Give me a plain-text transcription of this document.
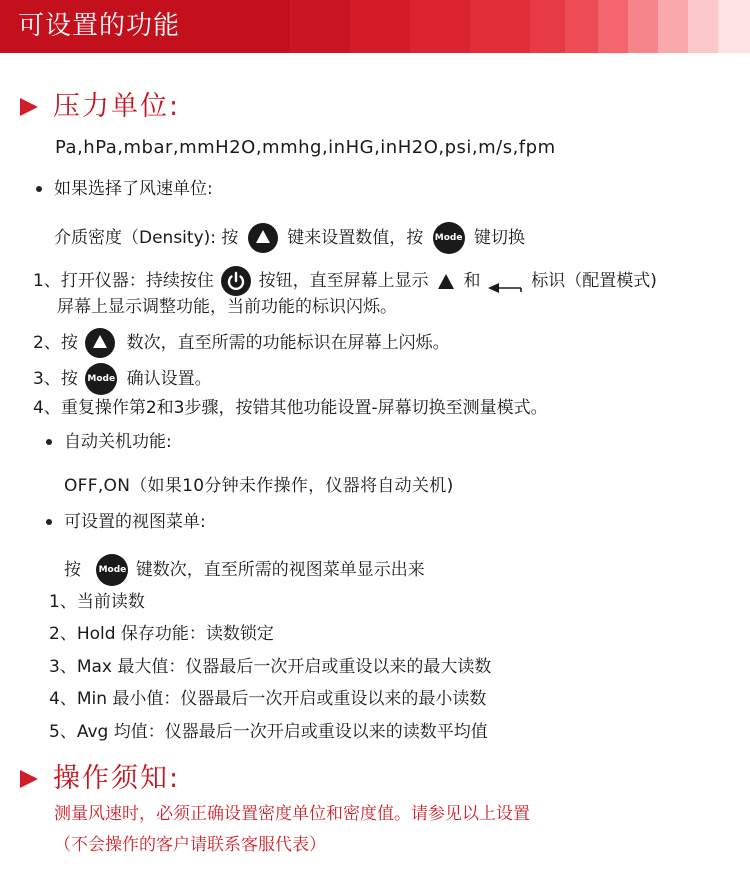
可设置的功能
压力单位:
Pa,hPa,mbar,mmH2O,mmhg,inHG,inH2O,psi,m/s,fpm
如果选择了风速单位:
介质密度（Density): 按	键来设置数值，按 Mode 键切换
1、打开仪器：持续按住	按钮，直至屏幕上显示 和	标识（配置模式)
屏幕上显示调整功能，当前功能的标识闪烁。
2、按	数次，直至所需的功能标识在屏幕上闪烁。
3、按 Mode 确认设置。
4、重复操作第2和3步骤，按错其他功能设置-屏幕切换至测量模式。
自动关机功能:
OFF,ON（如果10分钟未作操作，仪器将自动关机)
可设置的视图菜单:
按 Mode 键数次，直至所需的视图菜单显示出来
1、当前读数
2、Hold 保存功能：读数锁定
3、Max 最大值：仪器最后一次开启或重设以来的最大读数
4、Min 最小值：仪器最后一次开启或重设以来的最小读数
5、Avg 均值：仪器最后一次开启或重设以来的读数平均值
操作须知:
测量风速时，必须正确设置密度单位和密度值。请参见以上设置
（不会操作的客户请联系客服代表）
